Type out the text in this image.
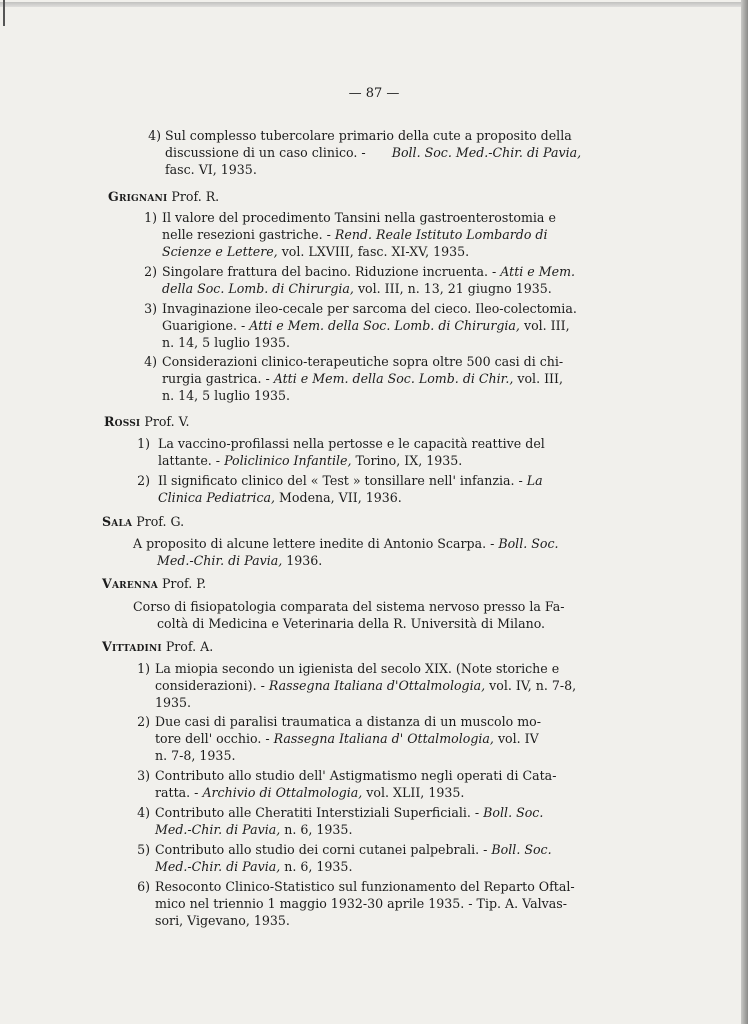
— 87 —
4) Sul complesso tubercolare primario della cute a proposito della
discussione di un caso clinico. - Boll. Soc. Med.-Chir. di Pavia,
fasc. VI, 1935.
Grignani Prof. R.
1) Il valore del procedimento Tansini nella gastroenterostomia e
nelle resezioni gastriche. - Rend. Reale Istituto Lombardo di
Scienze e Lettere, vol. LXVIII, fasc. XI-XV, 1935.
2) Singolare frattura del bacino. Riduzione incruenta. - Atti e Mem.
della Soc. Lomb. di Chirurgia, vol. III, n. 13, 21 giugno 1935.
3) Invaginazione ileo-cecale per sarcoma del cieco. Ileo-colectomia.
Guarigione. - Atti e Mem. della Soc. Lomb. di Chirurgia, vol. III,
n. 14, 5 luglio 1935.
4) Considerazioni clinico-terapeutiche sopra oltre 500 casi di chi-
rurgia gastrica. - Atti e Mem. della Soc. Lomb. di Chir., vol. III,
n. 14, 5 luglio 1935.
Rossi Prof. V.
1) La vaccino-profilassi nella pertosse e le capacità reattive del
lattante. - Policlinico Infantile, Torino, IX, 1935.
2) Il significato clinico del « Test » tonsillare nell' infanzia. - La
Clinica Pediatrica, Modena, VII, 1936.
Sala Prof. G.
A proposito di alcune lettere inedite di Antonio Scarpa. - Boll. Soc.
Med.-Chir. di Pavia, 1936.
Varenna Prof. P.
Corso di fisiopatologia comparata del sistema nervoso presso la Fa-
coltà di Medicina e Veterinaria della R. Università di Milano.
Vittadini Prof. A.
1) La miopia secondo un igienista del secolo XIX. (Note storiche e
considerazioni). - Rassegna Italiana d'Ottalmologia, vol. IV, n. 7-8,
1935.
2) Due casi di paralisi traumatica a distanza di un muscolo mo-
tore dell' occhio. - Rassegna Italiana d' Ottalmologia, vol. IV
n. 7-8, 1935.
3) Contributo allo studio dell' Astigmatismo negli operati di Cata-
ratta. - Archivio di Ottalmologia, vol. XLII, 1935.
4) Contributo alle Cheratiti Interstiziali Superficiali. - Boll. Soc.
Med.-Chir. di Pavia, n. 6, 1935.
5) Contributo allo studio dei corni cutanei palpebrali. - Boll. Soc.
Med.-Chir. di Pavia, n. 6, 1935.
6) Resoconto Clinico-Statistico sul funzionamento del Reparto Oftal-
mico nel triennio 1 maggio 1932-30 aprile 1935. - Tip. A. Valvas-
sori, Vigevano, 1935.
